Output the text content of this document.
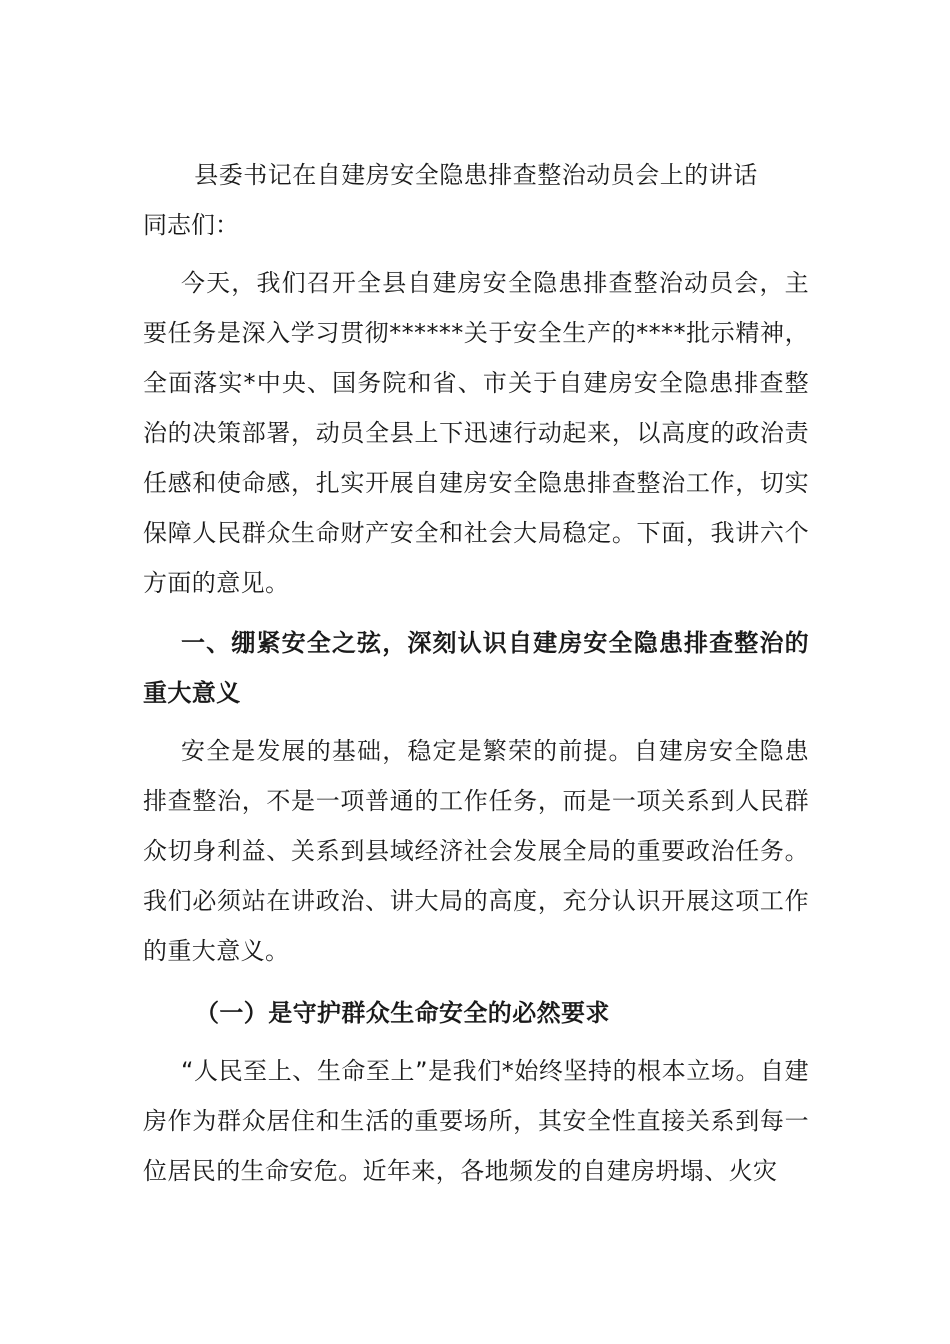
县委书记在自建房安全隐患排查整治动员会上的讲话

同志们：

今天，我们召开全县自建房安全隐患排查整治动员会，主要任务是深入学习贯彻******关于安全生产的****批示精神，全面落实*中央、国务院和省、市关于自建房安全隐患排查整治的决策部署，动员全县上下迅速行动起来，以高度的政治责任感和使命感，扎实开展自建房安全隐患排查整治工作，切实保障人民群众生命财产安全和社会大局稳定。下面，我讲六个方面的意见。

一、绷紧安全之弦，深刻认识自建房安全隐患排查整治的重大意义

安全是发展的基础，稳定是繁荣的前提。自建房安全隐患排查整治，不是一项普通的工作任务，而是一项关系到人民群众切身利益、关系到县域经济社会发展全局的重要政治任务。我们必须站在讲政治、讲大局的高度，充分认识开展这项工作的重大意义。

（一）是守护群众生命安全的必然要求

“人民至上、生命至上”是我们*始终坚持的根本立场。自建房作为群众居住和生活的重要场所，其安全性直接关系到每一位居民的生命安危。近年来，各地频发的自建房坍塌、火灾
